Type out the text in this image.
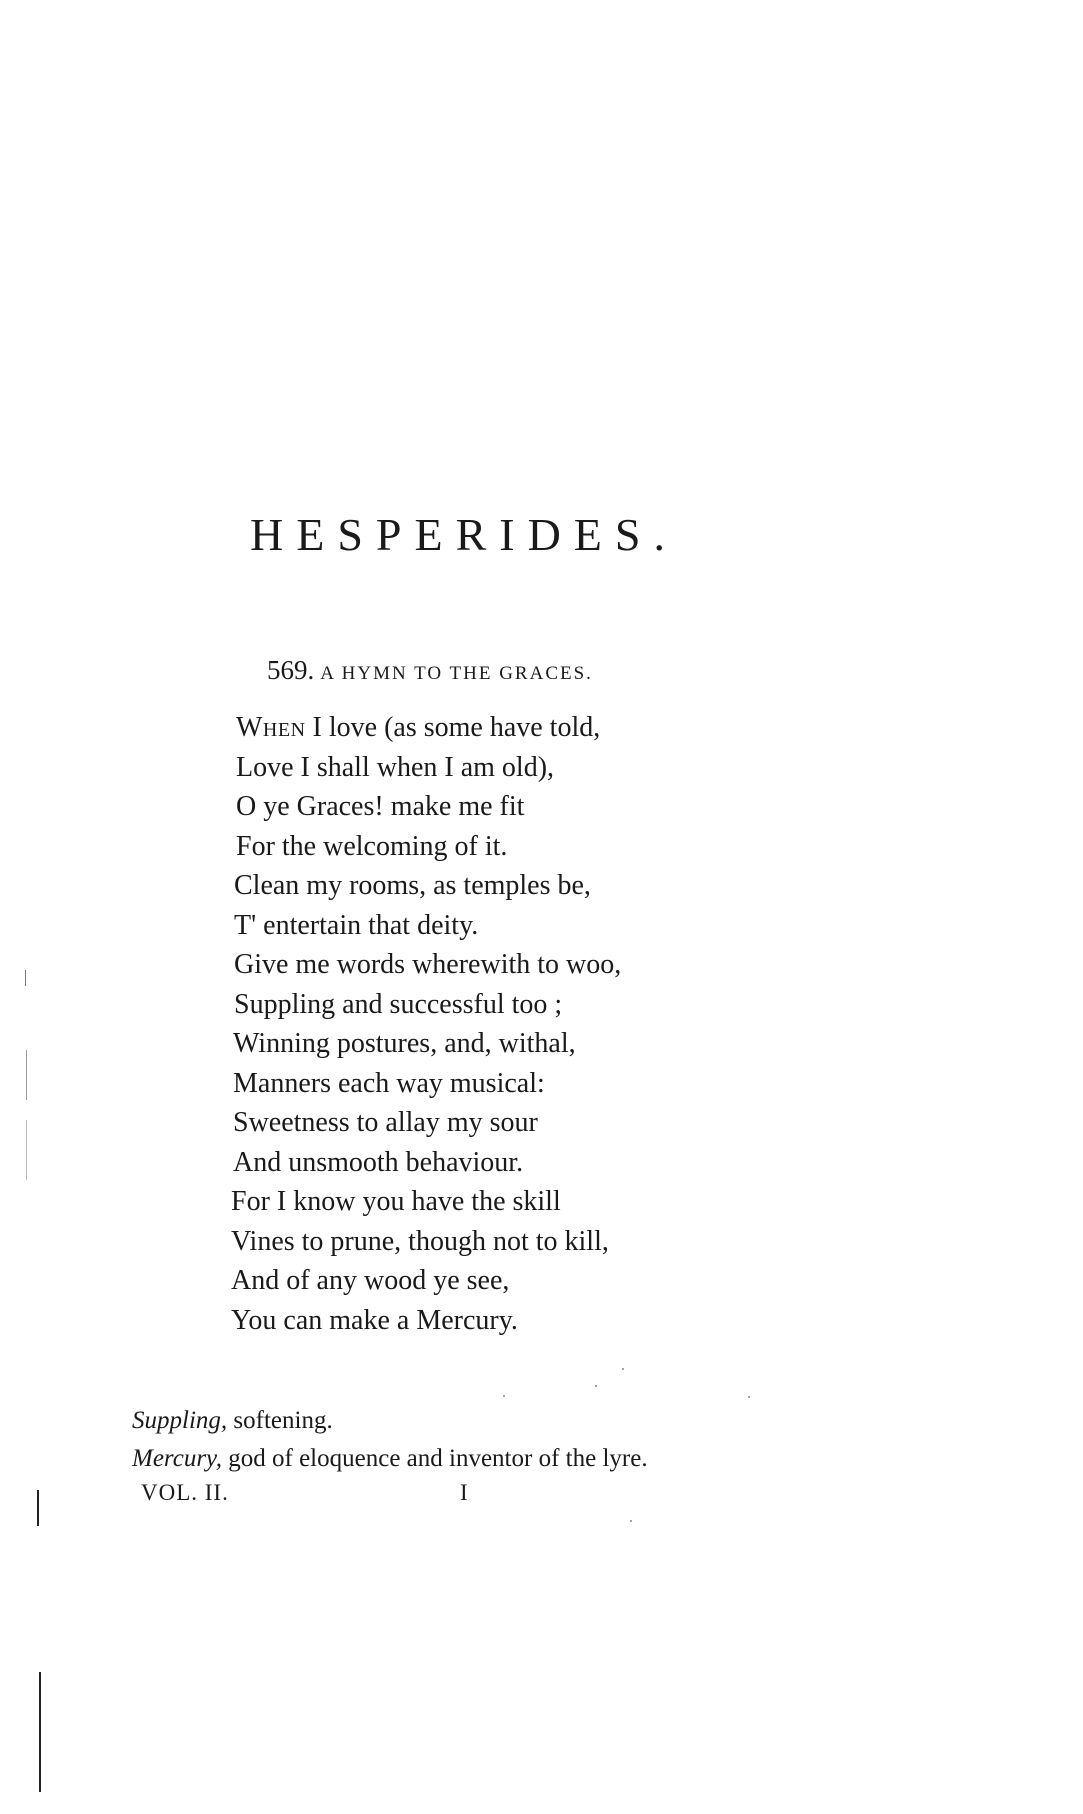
HESPERIDES.
569. A HYMN TO THE GRACES.
When I love (as some have told,
Love I shall when I am old),
O ye Graces! make me fit
For the welcoming of it.
Clean my rooms, as temples be,
T' entertain that deity.
Give me words wherewith to woo,
Suppling and successful too ;
Winning postures, and, withal,
Manners each way musical:
Sweetness to allay my sour
And unsmooth behaviour.
For I know you have the skill
Vines to prune, though not to kill,
And of any wood ye see,
You can make a Mercury.
Suppling, softening.
Mercury, god of eloquence and inventor of the lyre.
VOL. II.	I
